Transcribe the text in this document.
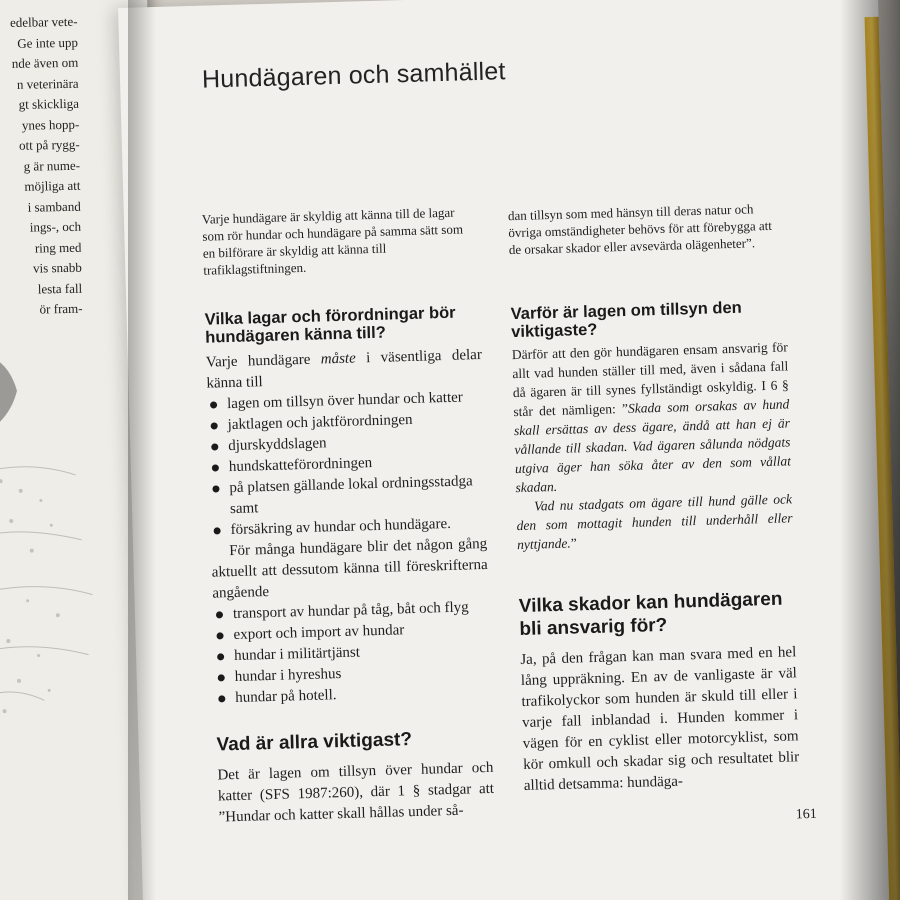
edelbar vete-
Ge inte upp
nde även om
n veterinära
gt skickliga
ynes hopp-
ott på rygg-
g är nume-
möjliga att
i samband
ings-, och
ring med
vis snabb
lesta fall
ör fram-
Hundägaren och samhället
Varje hundägare är skyldig att känna till de lagar som rör hundar och hundägare på samma sätt som en bilförare är skyldig att känna till trafiklagstiftningen.
dan tillsyn som med hänsyn till deras natur och övriga omständigheter behövs för att förebygga att de orsakar skador eller avsevärda olägenheter”.
Vilka lagar och förordningar bör hundägaren känna till?

Varje hundägare måste i väsentliga delar känna till

lagen om tillsyn över hundar och katter
jaktlagen och jaktförordningen
djurskyddslagen
hundskatteförordningen
på platsen gällande lokal ordningsstadga samt
försäkring av hundar och hundägare.

För många hundägare blir det någon gång aktuellt att dessutom känna till föreskrifterna angående

transport av hundar på tåg, båt och flyg
export och import av hundar
hundar i militärtjänst
hundar i hyreshus
hundar på hotell.
Vad är allra viktigast?

Det är lagen om tillsyn över hundar och katter (SFS 1987:260), där 1 § stadgar att ”Hundar och katter skall hållas under så-

Varför är lagen om tillsyn den viktigaste?

Därför att den gör hundägaren ensam ansvarig för allt vad hunden ställer till med, även i sådana fall då ägaren är till synes fyllständigt oskyldig. I 6 § står det nämligen: ”Skada som orsakas av hund skall ersättas av dess ägare, ändå att han ej är vållande till skadan. Vad ägaren sålunda nödgats utgiva äger han söka åter av den som vållat skadan.

Vad nu stadgats om ägare till hund gälle ock den som mottagit hunden till underhåll eller nyttjande.”

Vilka skador kan hundägaren bli ansvarig för?

Ja, på den frågan kan man svara med en hel lång uppräkning. En av de vanligaste är väl trafikolyckor som hunden är skuld till eller i varje fall inblandad i. Hunden kommer i vägen för en cyklist eller motorcyklist, som kör omkull och skadar sig och resultatet blir alltid detsamma: hundäga-

161
